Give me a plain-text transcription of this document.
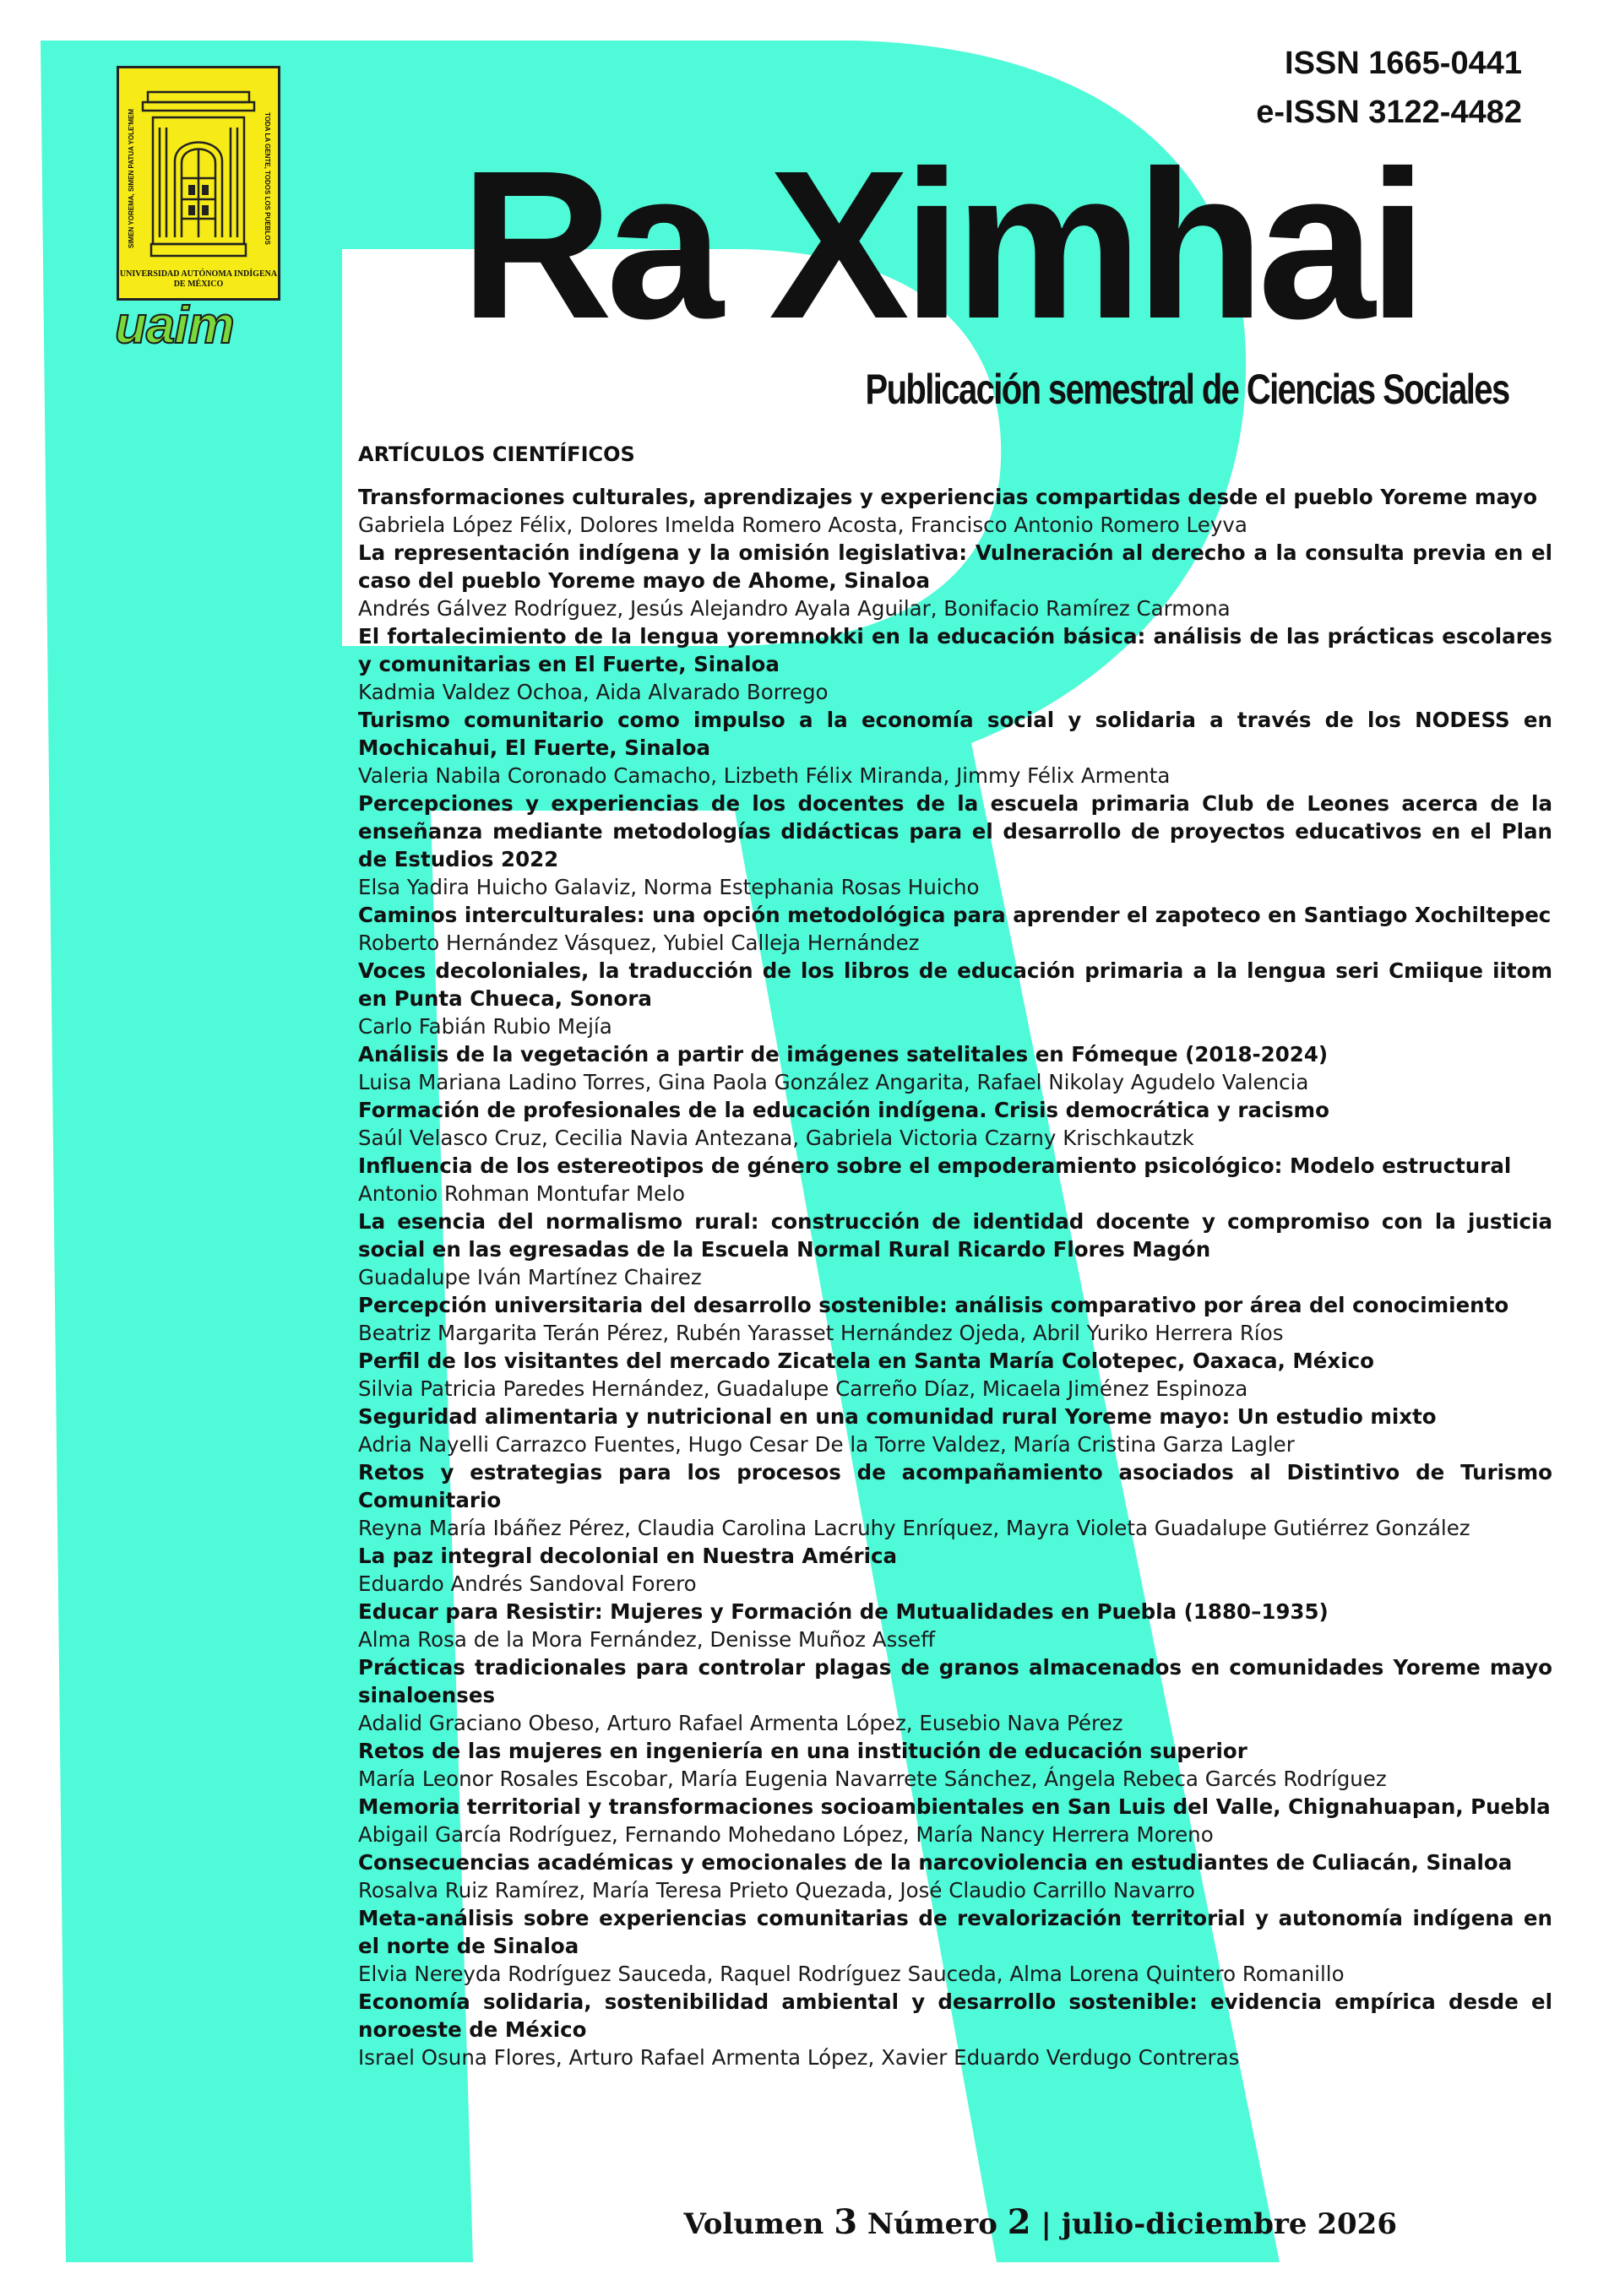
SIMEN YOREMA, SIMEN PATUA YOLE'MEM	TODA LA GENTE, TODOS LOS PUEBLOS
UNIVERSIDAD AUTÓNOMA INDÍGENA DE MÉXICO
uaim
ISSN 1665-0441
e-ISSN 3122-4482
Ra Ximhai
Publicación semestral de Ciencias Sociales
ARTÍCULOS CIENTÍFICOS
Transformaciones culturales, aprendizajes y experiencias compartidas desde el pueblo Yoreme mayo
Gabriela López Félix, Dolores Imelda Romero Acosta, Francisco Antonio Romero Leyva
La representación indígena y la omisión legislativa: Vulneración al derecho a la consulta previa en el caso del pueblo Yoreme mayo de Ahome, Sinaloa
Andrés Gálvez Rodríguez, Jesús Alejandro Ayala Aguilar, Bonifacio Ramírez Carmona
El fortalecimiento de la lengua yoremnokki en la educación básica: análisis de las prácticas escolares y comunitarias en El Fuerte, Sinaloa
Kadmia Valdez Ochoa, Aida Alvarado Borrego
Turismo comunitario como impulso a la economía social y solidaria a través de los NODESS en Mochicahui, El Fuerte, Sinaloa
Valeria Nabila Coronado Camacho, Lizbeth Félix Miranda, Jimmy Félix Armenta
Percepciones y experiencias de los docentes de la escuela primaria Club de Leones acerca de la enseñanza mediante metodologías didácticas para el desarrollo de proyectos educativos en el Plan de Estudios 2022
Elsa Yadira Huicho Galaviz, Norma Estephania Rosas Huicho
Caminos interculturales: una opción metodológica para aprender el zapoteco en Santiago Xochiltepec
Roberto Hernández Vásquez, Yubiel Calleja Hernández
Voces decoloniales, la traducción de los libros de educación primaria a la lengua seri Cmiique iitom en Punta Chueca, Sonora
Carlo Fabián Rubio Mejía
Análisis de la vegetación a partir de imágenes satelitales en Fómeque (2018-2024)
Luisa Mariana Ladino Torres, Gina Paola González Angarita, Rafael Nikolay Agudelo Valencia
Formación de profesionales de la educación indígena. Crisis democrática y racismo
Saúl Velasco Cruz, Cecilia Navia Antezana, Gabriela Victoria Czarny Krischkautzk
Influencia de los estereotipos de género sobre el empoderamiento psicológico: Modelo estructural
Antonio Rohman Montufar Melo
La esencia del normalismo rural: construcción de identidad docente y compromiso con la justicia social en las egresadas de la Escuela Normal Rural Ricardo Flores Magón
Guadalupe Iván Martínez Chairez
Percepción universitaria del desarrollo sostenible: análisis comparativo por área del conocimiento
Beatriz Margarita Terán Pérez, Rubén Yarasset Hernández Ojeda, Abril Yuriko Herrera Ríos
Perfil de los visitantes del mercado Zicatela en Santa María Colotepec, Oaxaca, México
Silvia Patricia Paredes Hernández, Guadalupe Carreño Díaz, Micaela Jiménez Espinoza
Seguridad alimentaria y nutricional en una comunidad rural Yoreme mayo: Un estudio mixto
Adria Nayelli Carrazco Fuentes, Hugo Cesar De la Torre Valdez, María Cristina Garza Lagler
Retos y estrategias para los procesos de acompañamiento asociados al Distintivo de Turismo Comunitario
Reyna María Ibáñez Pérez, Claudia Carolina Lacruhy Enríquez, Mayra Violeta Guadalupe Gutiérrez González
La paz integral decolonial en Nuestra América
Eduardo Andrés Sandoval Forero
Educar para Resistir: Mujeres y Formación de Mutualidades en Puebla (1880–1935)
Alma Rosa de la Mora Fernández, Denisse Muñoz Asseff
Prácticas tradicionales para controlar plagas de granos almacenados en comunidades Yoreme mayo sinaloenses
Adalid Graciano Obeso, Arturo Rafael Armenta López, Eusebio Nava Pérez
Retos de las mujeres en ingeniería en una institución de educación superior
María Leonor Rosales Escobar, María Eugenia Navarrete Sánchez, Ángela Rebeca Garcés Rodríguez
Memoria territorial y transformaciones socioambientales en San Luis del Valle, Chignahuapan, Puebla
Abigail García Rodríguez, Fernando Mohedano López, María Nancy Herrera Moreno
Consecuencias académicas y emocionales de la narcoviolencia en estudiantes de Culiacán, Sinaloa
Rosalva Ruiz Ramírez, María Teresa Prieto Quezada, José Claudio Carrillo Navarro
Meta-análisis sobre experiencias comunitarias de revalorización territorial y autonomía indígena en el norte de Sinaloa
Elvia Nereyda Rodríguez Sauceda, Raquel Rodríguez Sauceda, Alma Lorena Quintero Romanillo
Economía solidaria, sostenibilidad ambiental y desarrollo sostenible: evidencia empírica desde el noroeste de México
Israel Osuna Flores, Arturo Rafael Armenta López, Xavier Eduardo Verdugo Contreras
Volumen 3 Número 2 | julio-diciembre 2026
